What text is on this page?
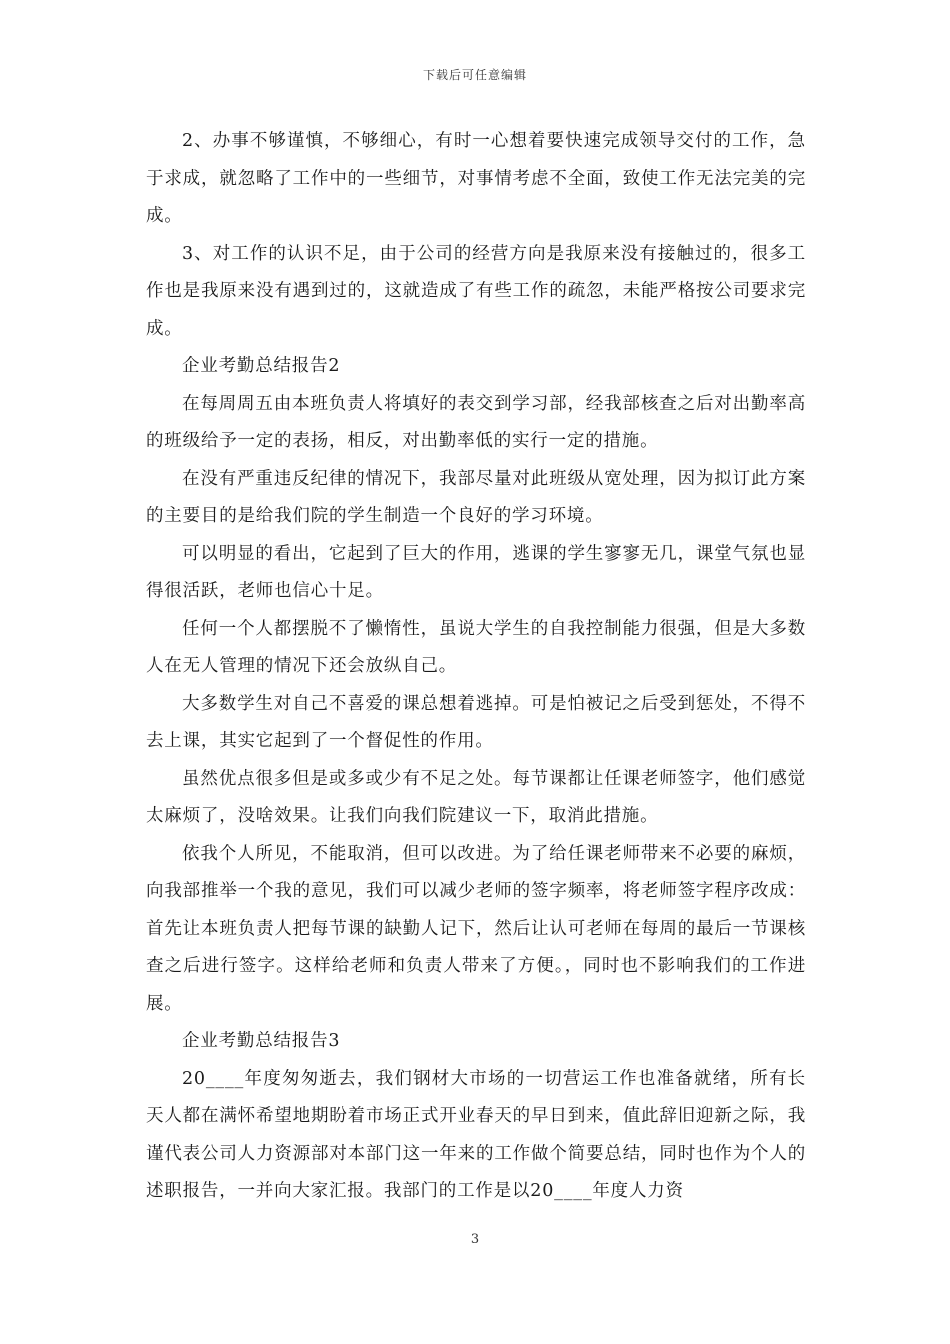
下载后可任意编辑

2、办事不够谨慎，不够细心，有时一心想着要快速完成领导交付的工作，急于求成，就忽略了工作中的一些细节，对事情考虑不全面，致使工作无法完美的完成。

3、对工作的认识不足，由于公司的经营方向是我原来没有接触过的，很多工作也是我原来没有遇到过的，这就造成了有些工作的疏忽，未能严格按公司要求完成。

企业考勤总结报告2

在每周周五由本班负责人将填好的表交到学习部，经我部核查之后对出勤率高的班级给予一定的表扬，相反，对出勤率低的实行一定的措施。

在没有严重违反纪律的情况下，我部尽量对此班级从宽处理，因为拟订此方案的主要目的是给我们院的学生制造一个良好的学习环境。

可以明显的看出，它起到了巨大的作用，逃课的学生寥寥无几，课堂气氛也显得很活跃，老师也信心十足。

任何一个人都摆脱不了懒惰性，虽说大学生的自我控制能力很强，但是大多数人在无人管理的情况下还会放纵自己。

大多数学生对自己不喜爱的课总想着逃掉。可是怕被记之后受到惩处，不得不去上课，其实它起到了一个督促性的作用。

虽然优点很多但是或多或少有不足之处。每节课都让任课老师签字，他们感觉太麻烦了，没啥效果。让我们向我们院建议一下，取消此措施。

依我个人所见，不能取消，但可以改进。为了给任课老师带来不必要的麻烦，向我部推举一个我的意见，我们可以减少老师的签字频率，将老师签字程序改成：首先让本班负责人把每节课的缺勤人记下，然后让认可老师在每周的最后一节课核查之后进行签字。这样给老师和负责人带来了方便。，同时也不影响我们的工作进展。

企业考勤总结报告3

20____年度匆匆逝去，我们钢材大市场的一切营运工作也准备就绪，所有长天人都在满怀希望地期盼着市场正式开业春天的早日到来，值此辞旧迎新之际，我谨代表公司人力资源部对本部门这一年来的工作做个简要总结，同时也作为个人的述职报告，一并向大家汇报。我部门的工作是以20____年度人力资

3
